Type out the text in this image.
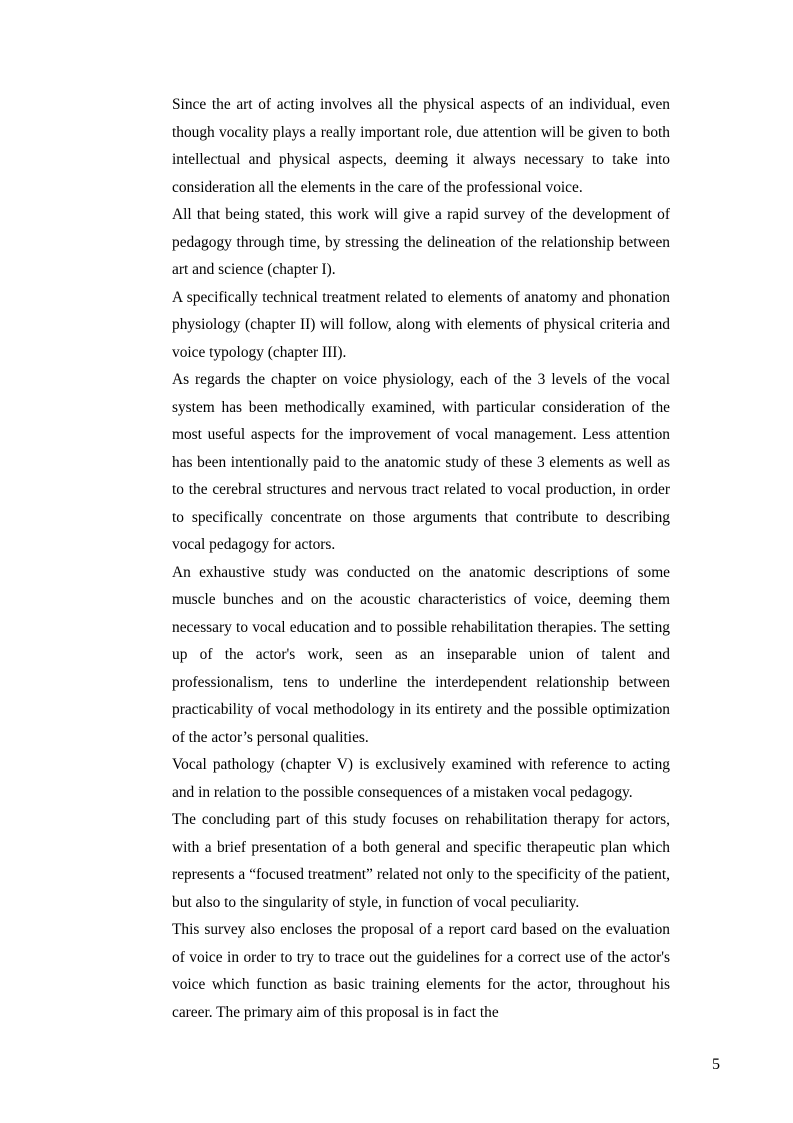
Since the art of acting involves all the physical aspects of an individual, even though vocality plays a really important role, due attention will be given to both intellectual and physical aspects, deeming it always necessary to take into consideration all the elements in the care of the professional voice.

All that being stated, this work will give a rapid survey of the development of pedagogy through time, by stressing the delineation of the relationship between art and science (chapter I).

A specifically technical treatment related to elements of anatomy and phonation physiology (chapter II) will follow, along with elements of physical criteria and voice typology (chapter III).

As regards the chapter on voice physiology, each of the 3 levels of the vocal system has been methodically examined, with particular consideration of the most useful aspects for the improvement of vocal management. Less attention has been intentionally paid to the anatomic study of these 3 elements as well as to the cerebral structures and nervous tract related to vocal production, in order to specifically concentrate on those arguments that contribute to describing vocal pedagogy for actors.

An exhaustive study was conducted on the anatomic descriptions of some muscle bunches and on the acoustic characteristics of voice, deeming them necessary to vocal education and to possible rehabilitation therapies. The setting up of the actor's work, seen as an inseparable union of talent and professionalism, tens to underline the interdependent relationship between practicability of vocal methodology in its entirety and the possible optimization of the actor’s personal qualities.

Vocal pathology (chapter V) is exclusively examined with reference to acting and in relation to the possible consequences of a mistaken vocal pedagogy.

The concluding part of this study focuses on rehabilitation therapy for actors, with a brief presentation of a both general and specific therapeutic plan which represents a “focused treatment” related not only to the specificity of the patient, but also to the singularity of style, in function of vocal peculiarity.

This survey also encloses the proposal of a report card based on the evaluation of voice in order to try to trace out the guidelines for a correct use of the actor's voice which function as basic training elements for the actor, throughout his career. The primary aim of this proposal is in fact the

5
